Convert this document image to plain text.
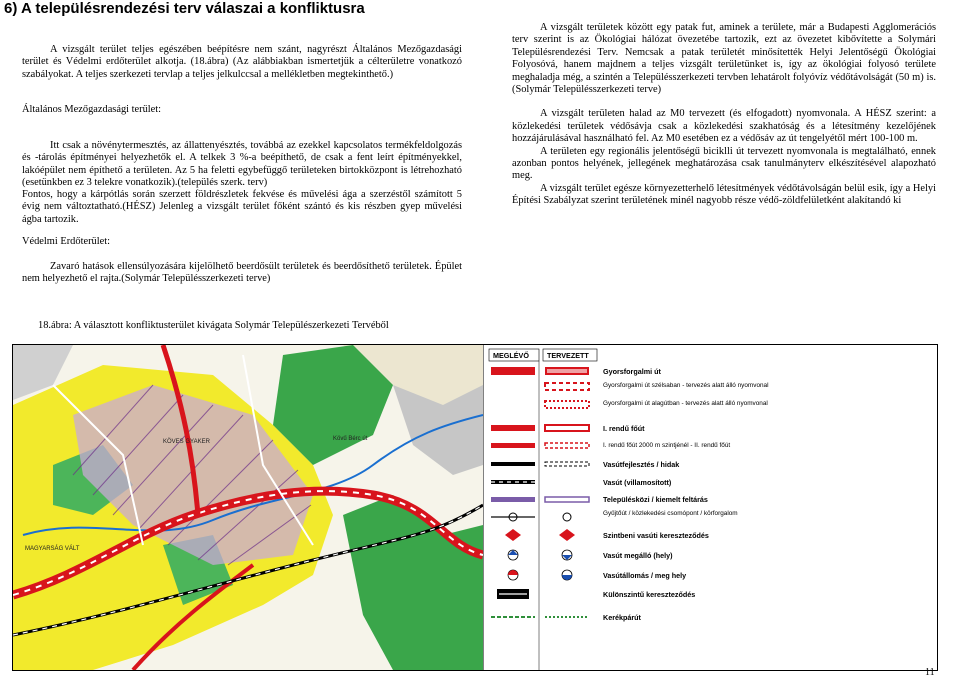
6) A településrendezési terv válaszai a konfliktusra

A vizsgált terület teljes egészében beépítésre nem szánt, nagyrészt Általános Mezőgazdasági terület és Védelmi erdőterület alkotja. (18.ábra) (Az alábbiakban ismertetjük a célterületre vonatkozó szabályokat. A teljes szerkezeti tervlap a teljes jelkulccsal a mellékletben megtekinthető.)

Általános Mezőgazdasági terület:

Itt csak a növénytermesztés, az állattenyésztés, továbbá az ezekkel kapcsolatos termékfeldolgozás és -tárolás építményei helyezhetők el. A telkek 3 %-a beépíthető, de csak a fent leírt építményekkel, lakóépület nem építhető a területen. Az 5 ha feletti egybefüggő területeken birtokközpont is létrehozható (esetünkben ez 3 telekre vonatkozik).(település szerk. terv)

Fontos, hogy a kárpótlás során szerzett földrészletek fekvése és művelési ága a szerzéstől számított 5 évig nem változtatható.(HÉSZ) Jelenleg a vizsgált terület főként szántó és kis részben gyep művelési ágba tartozik.

Védelmi Erdőterület:

Zavaró hatások ellensúlyozására kijelölhető beerdősült területek és beerdősíthető területek. Épület nem helyezhető el rajta.(Solymár Településszerkezeti terve)

A vizsgált területek között egy patak fut, aminek a területe, már a Budapesti Agglomerációs terv szerint is az Ökológiai hálózat övezetébe tartozik, ezt az övezetet kibővítette a Solymári Településrendezési Terv. Nemcsak a patak területét minősítették Helyi Jelentőségű Ökológiai Folyosóvá, hanem majdnem a teljes vizsgált területünket is, így az ökológiai folyosó területe meghaladja még, a szintén a Településszerkezeti tervben lehatárolt folyóvíz védőtávolságát (50 m) is. (Solymár Településszerkezeti terve)

A vizsgált területen halad az M0 tervezett (és elfogadott) nyomvonala. A HÉSZ szerint: a közlekedési területek védősávja csak a közlekedési szakhatóság és a létesítmény kezelőjének hozzájárulásával használható fel. Az M0 esetében ez a védősáv az út tengelyétől mért 100-100 m.

A területen egy regionális jelentőségű biciklli út tervezett nyomvonala is megtalálható, ennek azonban pontos helyének, jellegének meghatározása csak tanulmányterv elkészítésével alapozható meg.

A vizsgált terület egésze környezetterhelő létesítmények védőtávolságán belül esik, így a Helyi Építési Szabályzat szerint területének minél nagyobb része védő-zöldfelületként alakítandó ki

18.ábra: A választott konfliktusterület kivágata Solymár Települészerkezeti Tervéből

Kövű Bérc út
KÖVES GYAKER
MAGYARSÁG VÁLT
MEGLÉVŐ	TERVEZETT
Gyorsforgalmi út
Gyorsforgalmi út szélsaban - tervezés alatt álló nyomvonal
Gyorsforgalmi út alagútban - tervezés alatt álló nyomvonal
I. rendű főút
I. rendű főút 2000 m szintjénél - II. rendű főút
Vasútfejlesztés / hidak
Vasút (villamosított)
Településközi / kiemelt feltárás
Gyűjtőút / közlekedési csomópont / körforgalom
Szintbeni vasúti kereszteződés
Vasút megálló (hely)
Vasútállomás / meg hely
Különszintű kereszteződés
Kerékpárút
11
